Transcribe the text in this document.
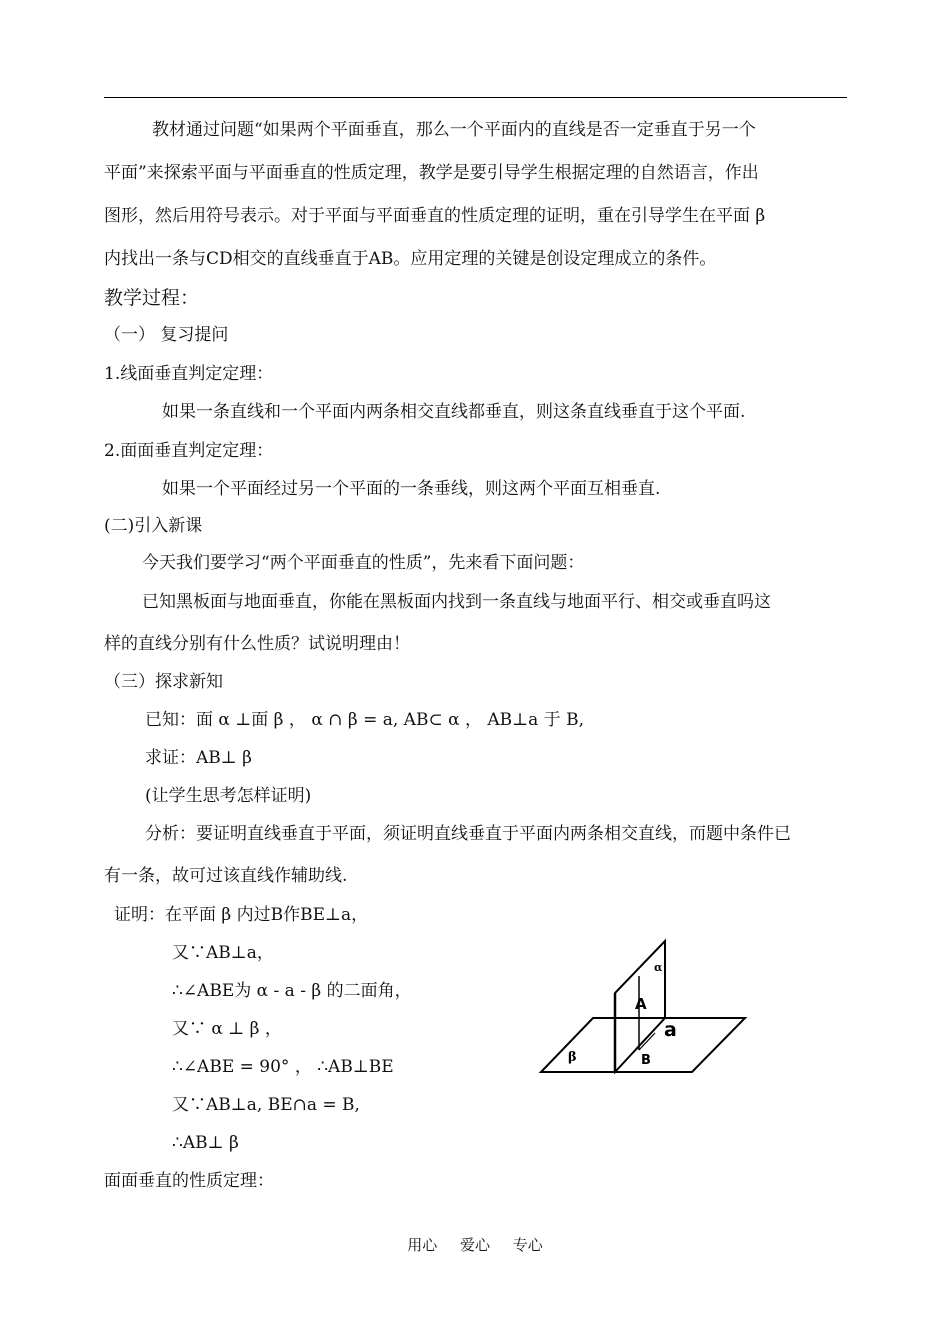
教材通过问题“如果两个平面垂直，那么一个平面内的直线是否一定垂直于另一个
平面”来探索平面与平面垂直的性质定理，教学是要引导学生根据定理的自然语言，作出
图形，然后用符号表示。对于平面与平面垂直的性质定理的证明，重在引导学生在平面 β
内找出一条与CD相交的直线垂直于AB。应用定理的关键是创设定理成立的条件。
教学过程：
（一） 复习提问
1.线面垂直判定定理：
如果一条直线和一个平面内两条相交直线都垂直，则这条直线垂直于这个平面.
2.面面垂直判定定理：
如果一个平面经过另一个平面的一条垂线，则这两个平面互相垂直.
(二)引入新课
今天我们要学习“两个平面垂直的性质”，先来看下面问题：
已知黑板面与地面垂直，你能在黑板面内找到一条直线与地面平行、相交或垂直吗这
样的直线分别有什么性质？试说明理由！
（三）探求新知
已知：面 α ⊥面 β ， α ∩ β = a, AB⊂ α ， AB⊥a 于 B,
求证：AB⊥ β
(让学生思考怎样证明)
分析：要证明直线垂直于平面，须证明直线垂直于平面内两条相交直线，而题中条件已
有一条，故可过该直线作辅助线.
证明：在平面 β 内过B作BE⊥a，
又∵AB⊥a，
∴∠ABE为 α - a - β 的二面角，
又∵ α ⊥ β ，
∴∠ABE = 90° ， ∴AB⊥BE
又∵AB⊥a, BE∩a = B,
∴AB⊥ β
面面垂直的性质定理：
α
A
a
β	B
用心 爱心 专心
